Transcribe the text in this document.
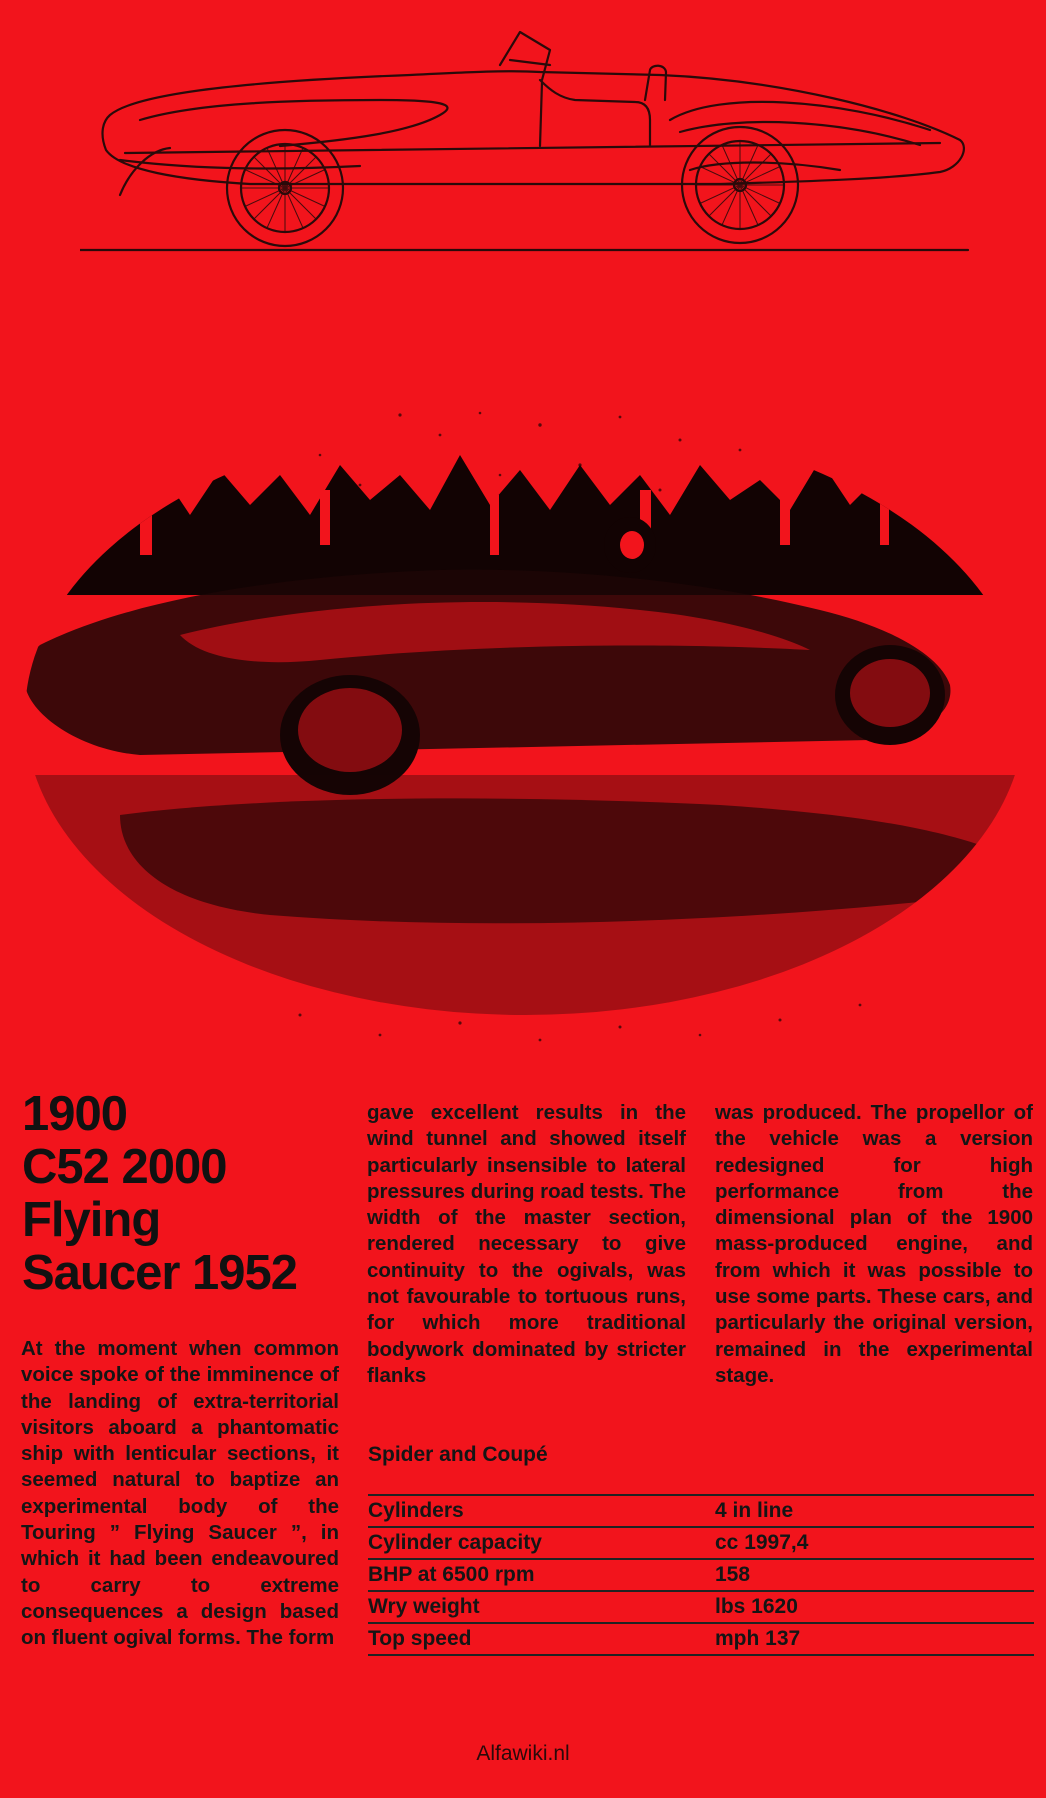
1900
C52 2000
Flying
Saucer 1952
At the moment when common voice spoke of the imminence of the landing of extra-territorial visitors aboard a phantomatic ship with lenticular sections, it seemed natural to baptize an experimental body of the Touring ” Flying Saucer ”, in which it had been endeavoured to carry to extreme consequences a design based on fluent ogival forms. The form
gave excellent results in the wind tunnel and showed itself particularly insensible to lateral pressures during road tests. The width of the master section, rendered necessary to give continuity to the ogivals, was not favourable to tortuous runs, for which more traditional bodywork dominated by stricter flanks
was produced. The propellor of the vehicle was a version redesigned for high performance from the dimensional plan of the 1900 mass-produced engine, and from which it was possible to use some parts. These cars, and particularly the original version, remained in the experimental stage.
Spider and Coupé
Cylinders	4 in line
Cylinder capacity	cc 1997,4
BHP at 6500 rpm	158
Wry weight	lbs 1620
Top speed	mph 137
Alfawiki.nl
